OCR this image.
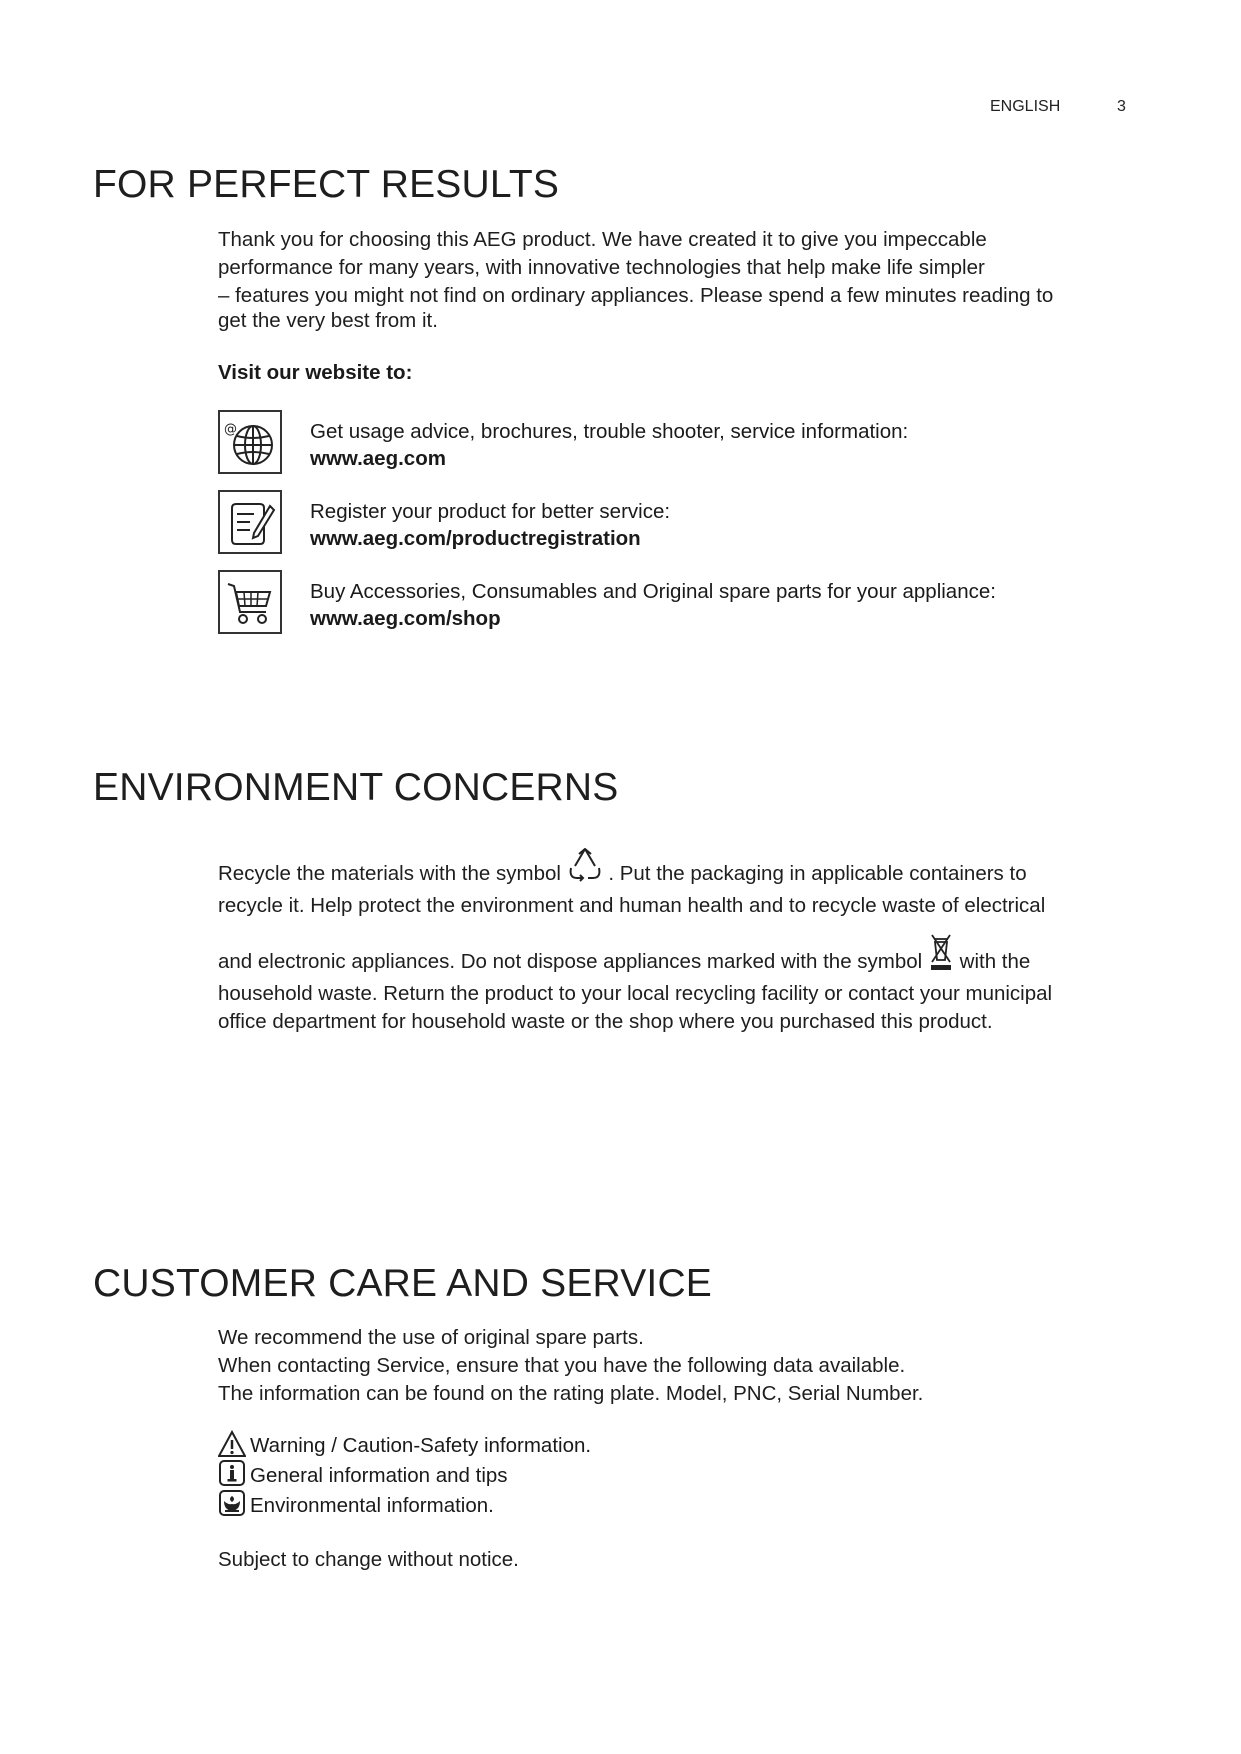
ENGLISH	3
FOR PERFECT RESULTS

Thank you for choosing this AEG product. We have created it to give you impeccable

performance for many years, with innovative technologies that help make life simpler

– features you might not find on ordinary appliances. Please spend a few minutes reading to

get the very best from it.

Visit our website to:
@	Get usage advice, brochures, trouble shooter, service information:
www.aeg.com
Register your product for better service:
www.aeg.com/productregistration
Buy Accessories, Consumables and Original spare parts for your appliance:
www.aeg.com/shop
ENVIRONMENT CONCERNS

Recycle the materials with the symbol . Put the packaging in applicable containers to

recycle it. Help protect the environment and human health and to recycle waste of electrical

and electronic appliances. Do not dispose appliances marked with the symbol with the

household waste. Return the product to your local recycling facility or contact your municipal

office department for household waste or the shop where you purchased this product.

CUSTOMER CARE AND SERVICE

We recommend the use of original spare parts.

When contacting Service, ensure that you have the following data available.

The information can be found on the rating plate. Model, PNC, Serial Number.

Warning / Caution-Safety information.
General information and tips
Environmental information.
Subject to change without notice.
